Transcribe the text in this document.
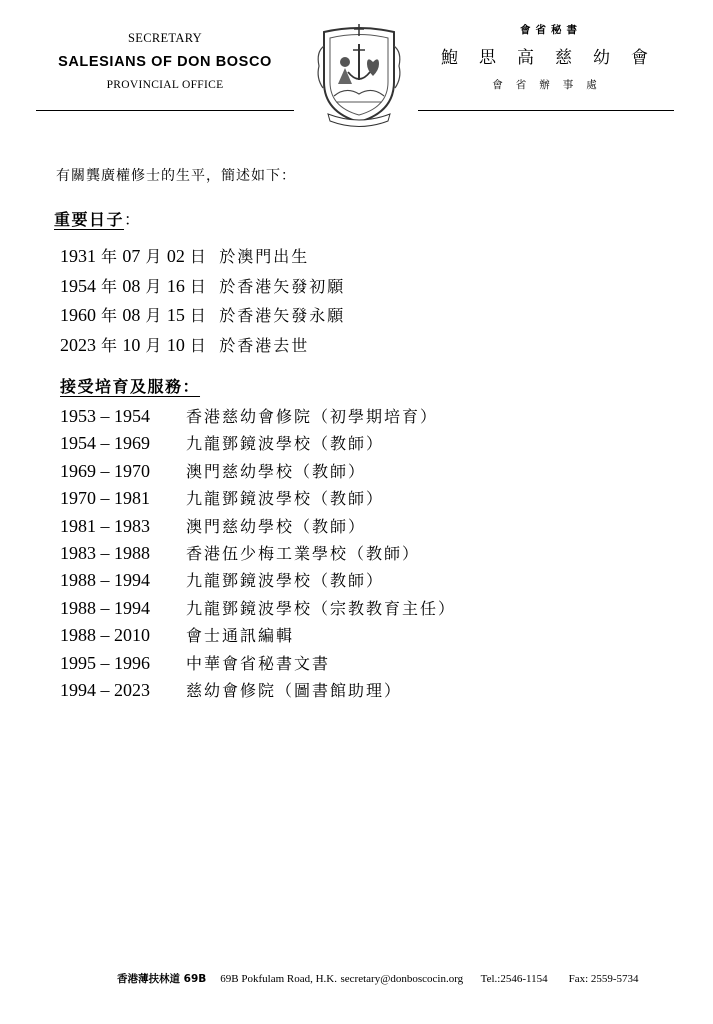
SECRETARY
SALESIANS OF DON BOSCO
PROVINCIAL OFFICE
會省秘書
鮑思高慈幼會
會省辦事處
有關龔廣權修士的生平，簡述如下：
重要日子：
1931 年 07 月 02 日 於澳門出生
1954 年 08 月 16 日 於香港矢發初願
1960 年 08 月 15 日 於香港矢發永願
2023 年 10 月 10 日 於香港去世
接受培育及服務：
1953 – 1954 香港慈幼會修院（初學期培育）
1954 – 1969 九龍鄧鏡波學校（教師）
1969 – 1970 澳門慈幼學校（教師）
1970 – 1981 九龍鄧鏡波學校（教師）
1981 – 1983 澳門慈幼學校（教師）
1983 – 1988 香港伍少梅工業學校（教師）
1988 – 1994 九龍鄧鏡波學校（教師）
1988 – 1994 九龍鄧鏡波學校（宗教教育主任）
1988 – 2010 會士通訊編輯
1995 – 1996 中華會省秘書文書
1994 – 2023 慈幼會修院（圖書館助理）
香港薄扶林道 69B 69B Pokfulam Road, H.K. secretary@donboscocin.org Tel.:2546-1154 Fax: 2559-5734
